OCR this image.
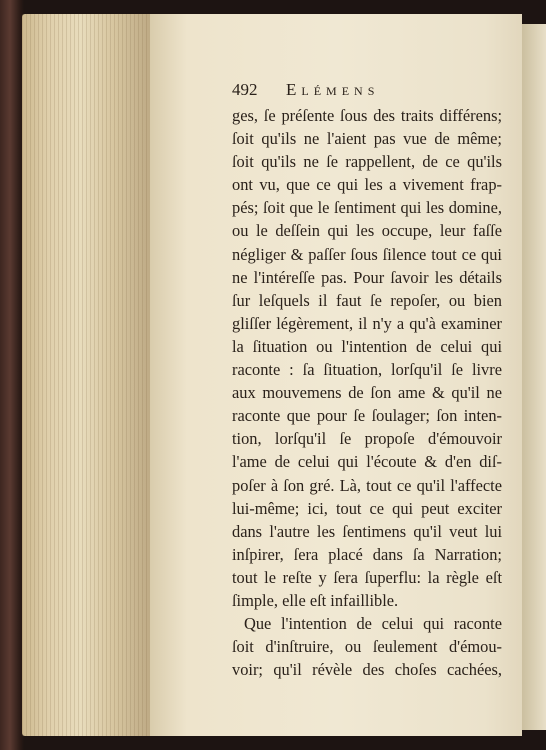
492	Elémens
ges, ſe préſente ſous des traits différens;
ſoit qu'ils ne l'aient pas vue de même;
ſoit qu'ils ne ſe rappellent, de ce qu'ils
ont vu, que ce qui les a vivement frap-
pés; ſoit que le ſentiment qui les domine,
ou le deſſein qui les occupe, leur faſſe
négliger & paſſer ſous ſilence tout ce qui
ne l'intéreſſe pas. Pour ſavoir les détails
ſur leſquels il faut ſe repoſer, ou bien
gliſſer légèrement, il n'y a qu'à examiner
la ſituation ou l'intention de celui qui
raconte : ſa ſituation, lorſqu'il ſe livre
aux mouvemens de ſon ame & qu'il ne
raconte que pour ſe ſoulager; ſon inten-
tion, lorſqu'il ſe propoſe d'émouvoir
l'ame de celui qui l'écoute & d'en diſ-
poſer à ſon gré. Là, tout ce qu'il l'affecte
lui-même; ici, tout ce qui peut exciter
dans l'autre les ſentimens qu'il veut lui
inſpirer, ſera placé dans ſa Narration;
tout le reſte y ſera ſuperflu: la règle eſt
ſimple, elle eſt infaillible.
Que l'intention de celui qui raconte
ſoit d'inſtruire, ou ſeulement d'émou-
voir; qu'il révèle des choſes cachées,
